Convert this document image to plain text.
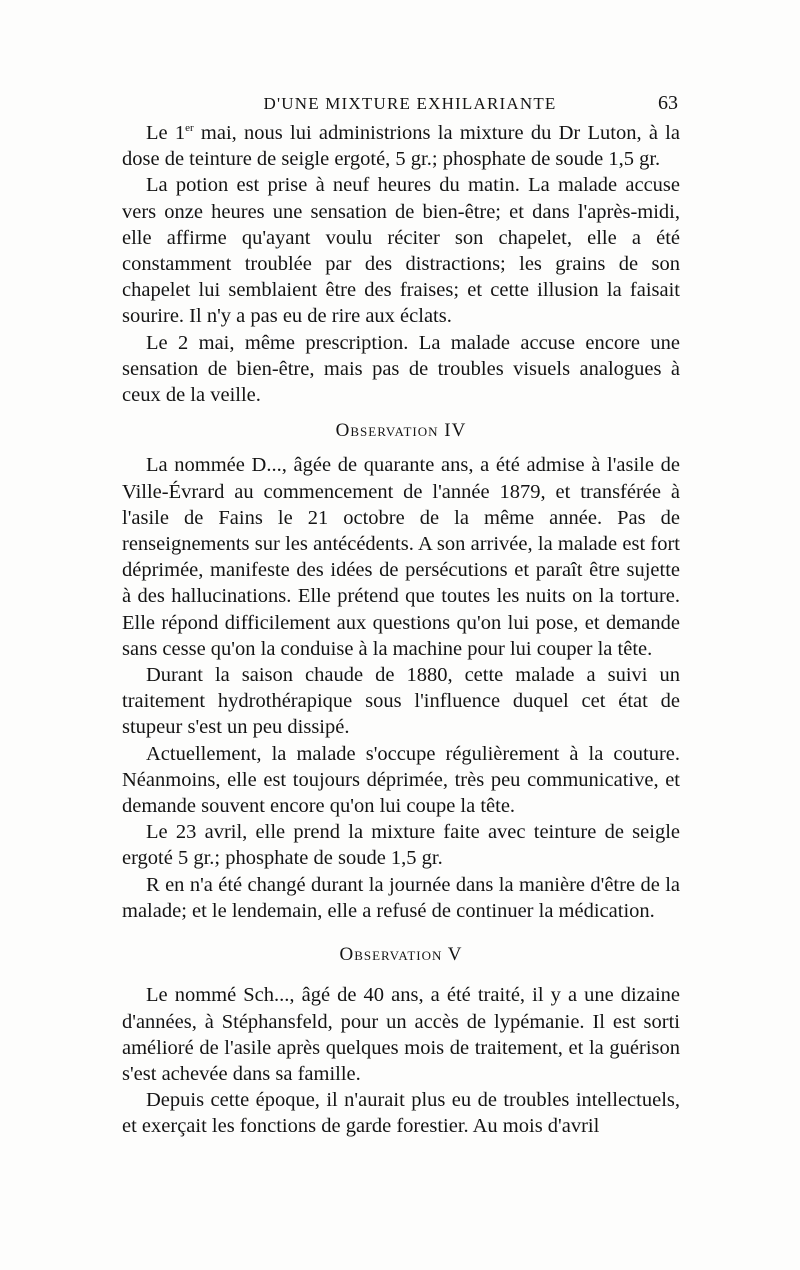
D'UNE MIXTURE EXHILARIANTE	63

Le 1er mai, nous lui administrions la mixture du Dr Luton, à la dose de teinture de seigle ergoté, 5 gr.; phosphate de soude 1,5 gr.

La potion est prise à neuf heures du matin. La malade accuse vers onze heures une sensation de bien-être; et dans l'après-midi, elle affirme qu'ayant voulu réciter son chapelet, elle a été constamment troublée par des distractions; les grains de son chapelet lui semblaient être des fraises; et cette illusion la faisait sourire. Il n'y a pas eu de rire aux éclats.

Le 2 mai, même prescription. La malade accuse encore une sensation de bien-être, mais pas de troubles visuels analogues à ceux de la veille.

Observation IV

La nommée D..., âgée de quarante ans, a été admise à l'asile de Ville-Évrard au commencement de l'année 1879, et transférée à l'asile de Fains le 21 octobre de la même année. Pas de renseignements sur les antécédents. A son arrivée, la malade est fort déprimée, manifeste des idées de persécutions et paraît être sujette à des hallucinations. Elle prétend que toutes les nuits on la torture. Elle répond difficilement aux questions qu'on lui pose, et demande sans cesse qu'on la conduise à la machine pour lui couper la tête.

Durant la saison chaude de 1880, cette malade a suivi un traitement hydrothérapique sous l'influence duquel cet état de stupeur s'est un peu dissipé.

Actuellement, la malade s'occupe régulièrement à la couture. Néanmoins, elle est toujours déprimée, très peu communicative, et demande souvent encore qu'on lui coupe la tête.

Le 23 avril, elle prend la mixture faite avec teinture de seigle ergoté 5 gr.; phosphate de soude 1,5 gr.

R en n'a été changé durant la journée dans la manière d'être de la malade; et le lendemain, elle a refusé de continuer la médication.

Observation V

Le nommé Sch..., âgé de 40 ans, a été traité, il y a une dizaine d'années, à Stéphansfeld, pour un accès de lypémanie. Il est sorti amélioré de l'asile après quelques mois de traitement, et la guérison s'est achevée dans sa famille.

Depuis cette époque, il n'aurait plus eu de troubles intellectuels, et exerçait les fonctions de garde forestier. Au mois d'avril
